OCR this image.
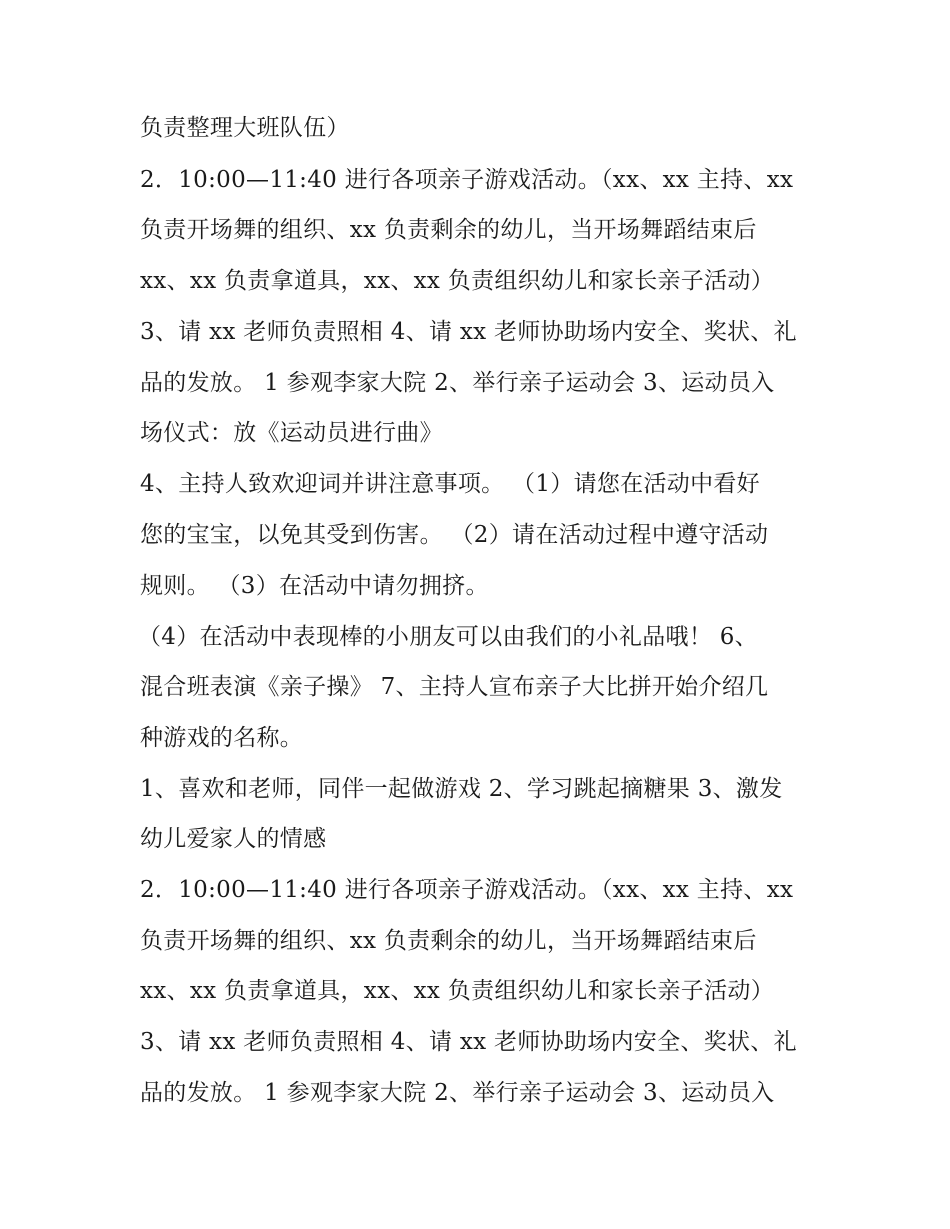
负责整理大班队伍）
2．10:00—11:40 进行各项亲子游戏活动。（xx、xx 主持、xx
负责开场舞的组织、xx 负责剩余的幼儿，当开场舞蹈结束后
xx、xx 负责拿道具，xx、xx 负责组织幼儿和家长亲子活动）
3、请 xx 老师负责照相 4、请 xx 老师协助场内安全、奖状、礼
品的发放。 1 参观李家大院 2、举行亲子运动会 3、运动员入
场仪式：放《运动员进行曲》
4、主持人致欢迎词并讲注意事项。 （1）请您在活动中看好
您的宝宝，以免其受到伤害。 （2）请在活动过程中遵守活动
规则。 （3）在活动中请勿拥挤。
（4）在活动中表现棒的小朋友可以由我们的小礼品哦！ 6、
混合班表演《亲子操》 7、主持人宣布亲子大比拼开始介绍几
种游戏的名称。
1、喜欢和老师，同伴一起做游戏 2、学习跳起摘糖果 3、激发
幼儿爱家人的情感
2．10:00—11:40 进行各项亲子游戏活动。（xx、xx 主持、xx
负责开场舞的组织、xx 负责剩余的幼儿，当开场舞蹈结束后
xx、xx 负责拿道具，xx、xx 负责组织幼儿和家长亲子活动）
3、请 xx 老师负责照相 4、请 xx 老师协助场内安全、奖状、礼
品的发放。 1 参观李家大院 2、举行亲子运动会 3、运动员入
